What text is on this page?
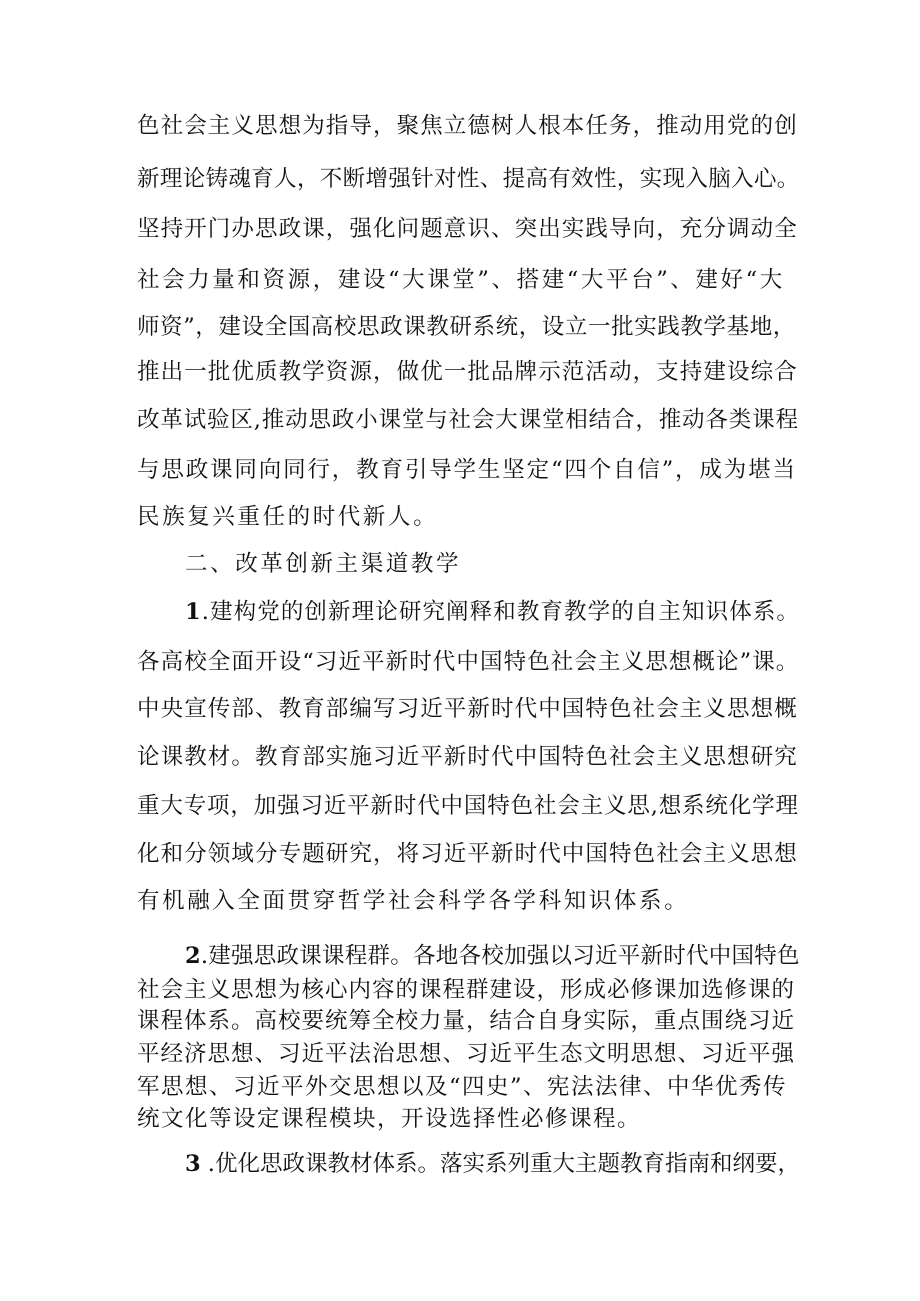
色社会主义思想为指导，聚焦立德树人根本任务，推动用党的创
新理论铸魂育人，不断增强针对性、提高有效性，实现入脑入心。
坚持开门办思政课，强化问题意识、突出实践导向，充分调动全
社会力量和资源，建设“大课堂”、搭建“大平台”、建好“大
师资”，建设全国高校思政课教研系统，设立一批实践教学基地，
推出一批优质教学资源，做优一批品牌示范活动，支持建设综合
改革试验区,推动思政小课堂与社会大课堂相结合，推动各类课程
与思政课同向同行，教育引导学生坚定“四个自信”，成为堪当
民族复兴重任的时代新人。
二、改革创新主渠道教学
1.建构党的创新理论研究阐释和教育教学的自主知识体系。
各高校全面开设“习近平新时代中国特色社会主义思想概论”课。
中央宣传部、教育部编写习近平新时代中国特色社会主义思想概
论课教材。教育部实施习近平新时代中国特色社会主义思想研究
重大专项，加强习近平新时代中国特色社会主义思,想系统化学理
化和分领域分专题研究，将习近平新时代中国特色社会主义思想
有机融入全面贯穿哲学社会科学各学科知识体系。
2.建强思政课课程群。各地各校加强以习近平新时代中国特色
社会主义思想为核心内容的课程群建设，形成必修课加选修课的
课程体系。高校要统筹全校力量，结合自身实际，重点围绕习近
平经济思想、习近平法治思想、习近平生态文明思想、习近平强
军思想、习近平外交思想以及“四史”、宪法法律、中华优秀传
统文化等设定课程模块，开设选择性必修课程。
3 .优化思政课教材体系。落实系列重大主题教育指南和纲要，
